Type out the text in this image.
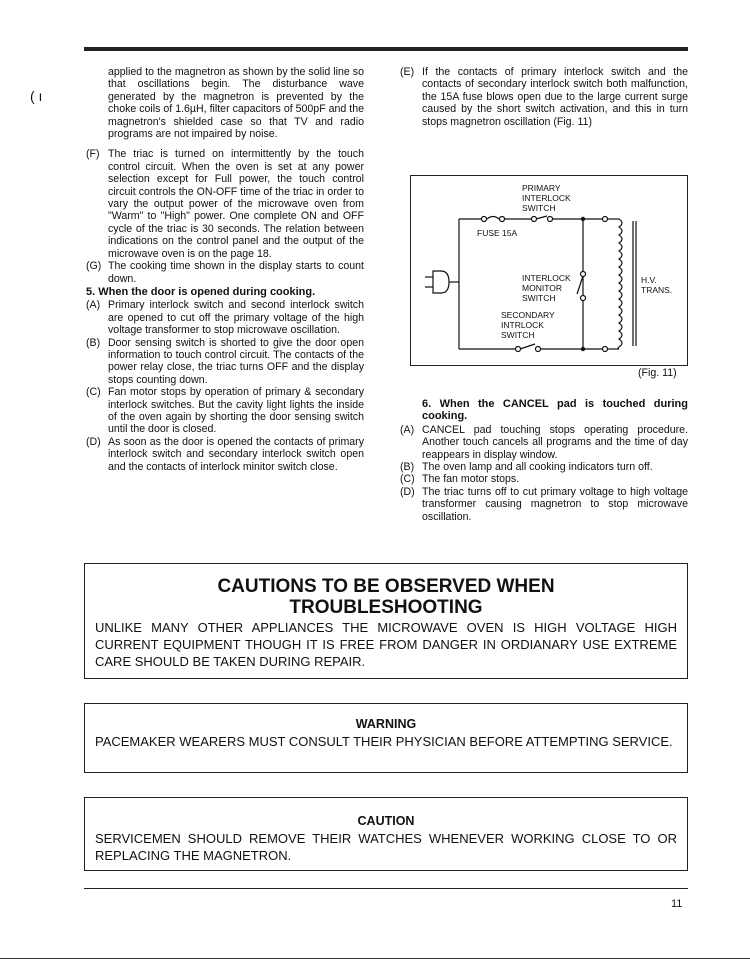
( ı
applied to the magnetron as shown by the solid line so that oscillations begin. The disturbance wave generated by the magnetron is prevented by the choke coils of 1.6µH, filter capacitors of 500pF and the magnetron's shielded case so that TV and radio programs are not impaired by noise.
(F) The triac is turned on intermittently by the touch control circuit. When the oven is set at any power selection except for Full power, the touch control circuit controls the ON-OFF time of the triac in order to vary the output power of the microwave oven from "Warm" to "High" power. One complete ON and OFF cycle of the triac is 30 seconds. The relation between indications on the control panel and the output of the microwave oven is on the page 18.
(G) The cooking time shown in the display starts to count down.
5. When the door is opened during cooking.
(A) Primary interlock switch and second interlock switch are opened to cut off the primary voltage of the high voltage transformer to stop microwave oscillation.
(B) Door sensing switch is shorted to give the door open information to touch control circuit. The contacts of the power relay close, the triac turns OFF and the display stops counting down.
(C) Fan motor stops by operation of primary & secondary interlock switches. But the cavity light lights the inside of the oven again by shorting the door sensing switch until the door is closed.
(D) As soon as the door is opened the contacts of primary interlock switch and secondary interlock switch open and the contacts of interlock minitor switch close.
(E) If the contacts of primary interlock switch and the contacts of secondary interlock switch both malfunction, the 15A fuse blows open due to the large current surge caused by the short switch activation, and this in turn stops magnetron oscillation (Fig. 11)
PRIMARY
INTERLOCK
SWITCH
FUSE 15A
INTERLOCK
MONITOR
SWITCH
SECONDARY
INTRLOCK
SWITCH
H.V.
TRANS.
(Fig. 11)
6. When the CANCEL pad is touched during cooking.
(A) CANCEL pad touching stops operating procedure. Another touch cancels all programs and the time of day reappears in display window.
(B) The oven lamp and all cooking indicators turn off.
(C) The fan motor stops.
(D) The triac turns off to cut primary voltage to high voltage transformer causing magnetron to stop microwave oscillation.
CAUTIONS TO BE OBSERVED WHEN
TROUBLESHOOTING
UNLIKE MANY OTHER APPLIANCES THE MICROWAVE OVEN IS HIGH VOLTAGE HIGH CURRENT EQUIPMENT THOUGH IT IS FREE FROM DANGER IN ORDIANARY USE EXTREME CARE SHOULD BE TAKEN DURING REPAIR.
WARNING
PACEMAKER WEARERS MUST CONSULT THEIR PHYSICIAN BEFORE ATTEMPTING SERVICE.
CAUTION
SERVICEMEN SHOULD REMOVE THEIR WATCHES WHENEVER WORKING CLOSE TO OR REPLACING THE MAGNETRON.
11
